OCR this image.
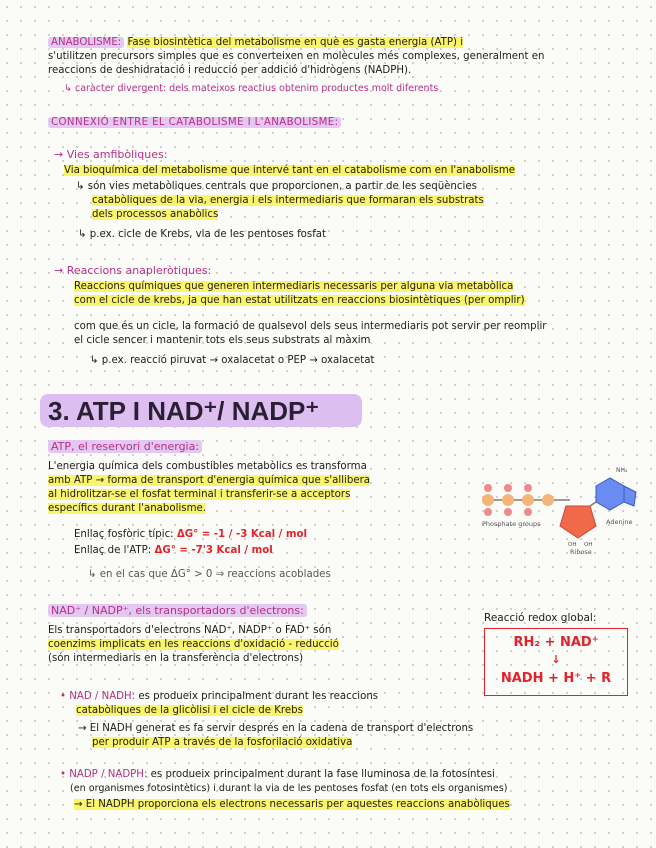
ANABOLISME: Fase biosintètica del metabolisme en què es gasta energia (ATP) i
s'utilitzen precursors simples que es converteixen en molècules més complexes, generalment en
reaccions de deshidratació i reducció per addició d'hidrògens (NADPH).
↳ caràcter divergent: dels mateixos reactius obtenim productes molt diferents
CONNEXIÓ ENTRE EL CATABOLISME I L'ANABOLISME:
→ Vies amfibòliques:
Via bioquímica del metabolisme que intervé tant en el catabolisme com en l'anabolisme
↳ són vies metabòliques centrals que proporcionen, a partir de les seqüències
catabòliques de la via, energia i els intermediaris que formaran els substrats
dels processos anabòlics
↳ p.ex. cicle de Krebs, via de les pentoses fosfat
→ Reaccions anapleròtiques:
Reaccions químiques que generen intermediaris necessaris per alguna via metabòlica
com el cicle de krebs, ja que han estat utilitzats en reaccions biosintètiques (per omplir)
com que és un cicle, la formació de qualsevol dels seus intermediaris pot servir per reomplir
el cicle sencer i mantenir tots els seus substrats al màxim
↳ p.ex. reacció piruvat → oxalacetat o PEP → oxalacetat
3. ATP I NAD⁺/ NADP⁺
ATP, el reservori d'energia:
L'energia química dels combustibles metabòlics es transforma
amb ATP → forma de transport d'energia química que s'allibera
al hidrolitzar-se el fosfat terminal i transferir-se a acceptors
específics durant l'anabolisme.
Enllaç fosfòric típic: ΔG° = -1 / -3 Kcal / mol
Enllaç de l'ATP: ΔG° = -7'3 Kcal / mol
↳ en el cas que ΔG° > 0 ⇒ reaccions acoblades
Phosphate groups	Adenine
Ribose
NH₂
OH OH
NAD⁺ / NADP⁺, els transportadors d'electrons:
Els transportadors d'electrons NAD⁺, NADP⁺ o FAD⁺ són
coenzims implicats en les reaccions d'oxidació - reducció
(són intermediaris en la transferència d'electrons)
• NAD / NADH: es produeix principalment durant les reaccions
catabòliques de la glicòlisi i el cicle de Krebs
→ El NADH generat es fa servir després en la cadena de transport d'electrons
per produir ATP a través de la fosforilació oxidativa
• NADP / NADPH: es produeix principalment durant la fase lluminosa de la fotosíntesi
(en organismes fotosintètics) i durant la via de les pentoses fosfat (en tots els organismes)
→ El NADPH proporciona els electrons necessaris per aquestes reaccions anabòliques
Reacció redox global:
RH₂ + NAD⁺
↓
NADH + H⁺ + R
